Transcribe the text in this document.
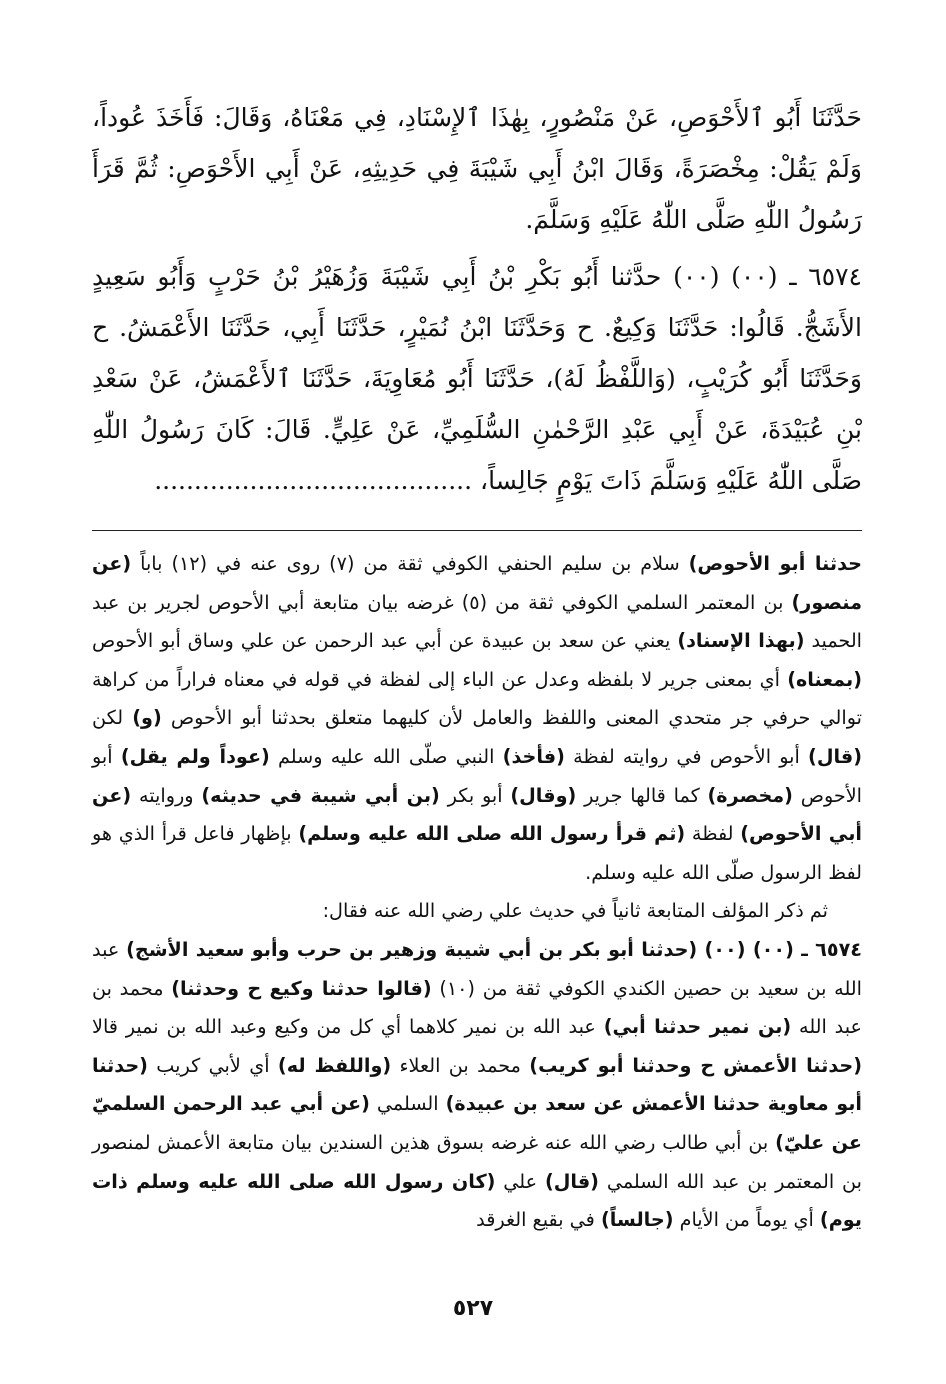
حَدَّثَنَا أَبُو ٱلأَحْوَصِ، عَنْ مَنْصُورٍ، بِهٰذَا ٱلإِسْنَادِ، فِي مَعْنَاهُ، وَقَالَ: فَأَخَذَ عُوداً، وَلَمْ يَقُلْ: مِخْصَرَةً، وَقَالَ ابْنُ أَبِي شَيْبَةَ فِي حَدِيثِهِ، عَنْ أَبِي الأَحْوَصِ: ثُمَّ قَرَأَ رَسُولُ اللّٰهِ صَلَّى اللّٰهُ عَلَيْهِ وَسَلَّمَ.

٦٥٧٤ ـ (٠٠) (٠٠) حدَّثنا أَبُو بَكْرِ بْنُ أَبِي شَيْبَةَ وَزُهَيْرُ بْنُ حَرْبٍ وَأَبُو سَعِيدٍ الأَشَجُّ. قَالُوا: حَدَّثَنَا وَكِيعٌ. ح وَحَدَّثَنَا ابْنُ نُمَيْرٍ، حَدَّثَنَا أَبِي، حَدَّثَنَا الأَعْمَشُ. ح وَحَدَّثَنَا أَبُو كُرَيْبٍ، (وَاللَّفْظُ لَهُ)، حَدَّثَنَا أَبُو مُعَاوِيَةَ، حَدَّثَنَا ٱلأَعْمَشُ، عَنْ سَعْدِ بْنِ عُبَيْدَةَ، عَنْ أَبِي عَبْدِ الرَّحْمٰنِ السُّلَمِيِّ، عَنْ عَلِيٍّ. قَالَ: كَانَ رَسُولُ اللّٰهِ صَلَّى اللّٰهُ عَلَيْهِ وَسَلَّمَ ذَاتَ يَوْمٍ جَالِساً، ........................................

حدثنا أبو الأحوص) سلام بن سليم الحنفي الكوفي ثقة من (٧) روى عنه في (١٢) باباً (عن منصور) بن المعتمر السلمي الكوفي ثقة من (٥) غرضه بيان متابعة أبي الأحوص لجرير بن عبد الحميد (بهذا الإسناد) يعني عن سعد بن عبيدة عن أبي عبد الرحمن عن علي وساق أبو الأحوص (بمعناه) أي بمعنى جرير لا بلفظه وعدل عن الباء إلى لفظة في قوله في معناه فراراً من كراهة توالي حرفي جر متحدي المعنى واللفظ والعامل لأن كليهما متعلق بحدثنا أبو الأحوص (و) لكن (قال) أبو الأحوص في روايته لفظة (فأخذ) النبي صلّى الله عليه وسلم (عوداً ولم يقل) أبو الأحوص (مخصرة) كما قالها جرير (وقال) أبو بكر (بن أبي شيبة في حديثه) وروايته (عن أبي الأحوص) لفظة (ثم قرأ رسول الله صلى الله عليه وسلم) بإظهار فاعل قرأ الذي هو لفظ الرسول صلّى الله عليه وسلم.

ثم ذكر المؤلف المتابعة ثانياً في حديث علي رضي الله عنه فقال:

٦٥٧٤ ـ (٠٠) (٠٠) (حدثنا أبو بكر بن أبي شيبة وزهير بن حرب وأبو سعيد الأشج) عبد الله بن سعيد بن حصين الكندي الكوفي ثقة من (١٠) (قالوا حدثنا وكيع ح وحدثنا) محمد بن عبد الله (بن نمير حدثنا أبي) عبد الله بن نمير كلاهما أي كل من وكيع وعبد الله بن نمير قالا (حدثنا الأعمش ح وحدثنا أبو كريب) محمد بن العلاء (واللفظ له) أي لأبي كريب (حدثنا أبو معاوية حدثنا الأعمش عن سعد بن عبيدة) السلمي (عن أبي عبد الرحمن السلميّ عن عليّ) بن أبي طالب رضي الله عنه غرضه بسوق هذين السندين بيان متابعة الأعمش لمنصور بن المعتمر بن عبد الله السلمي (قال) علي (كان رسول الله صلى الله عليه وسلم ذات يوم) أي يوماً من الأيام (جالساً) في بقيع الغرقد

٥٢٧
